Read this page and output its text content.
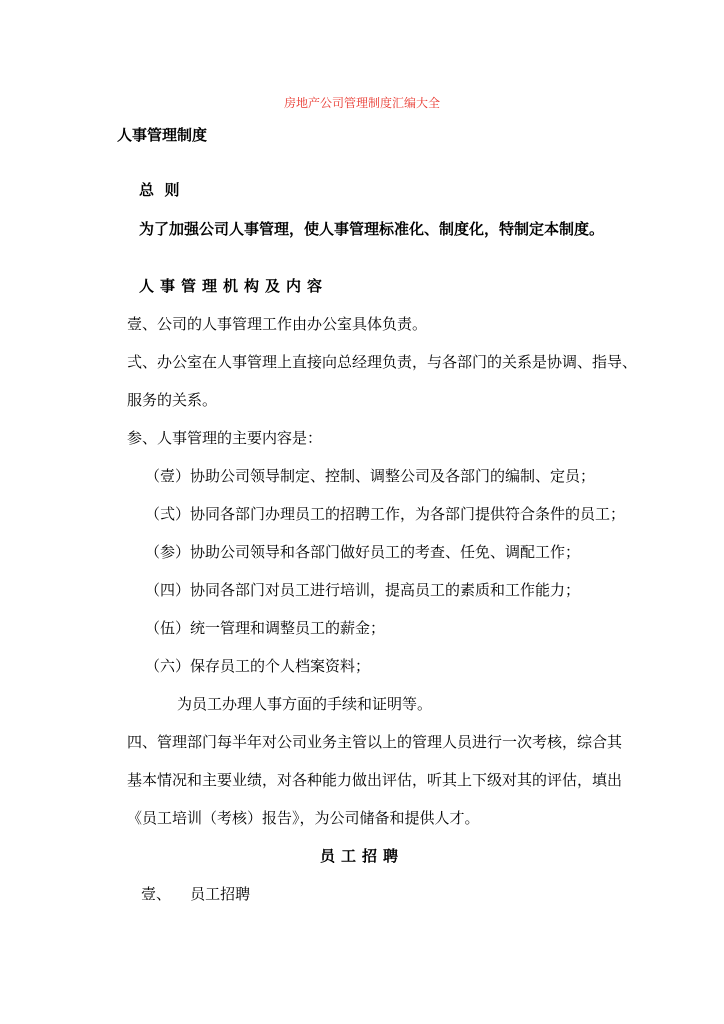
房地产公司管理制度汇编大全
人事管理制度
总  则
为了加强公司人事管理，使人事管理标准化、制度化，特制定本制度。
人事管理机构及内容
壹、公司的人事管理工作由办公室具体负责。
弍、办公室在人事管理上直接向总经理负责，与各部门的关系是协调、指导、
服务的关系。
参、人事管理的主要内容是：
（壹）协助公司领导制定、控制、调整公司及各部门的编制、定员；
（弍）协同各部门办理员工的招聘工作，为各部门提供符合条件的员工；
（参）协助公司领导和各部门做好员工的考查、任免、调配工作；
（四）协同各部门对员工进行培训，提高员工的素质和工作能力；
（伍）统一管理和调整员工的薪金；
（六）保存员工的个人档案资料；
为员工办理人事方面的手续和证明等。
四、管理部门每半年对公司业务主管以上的管理人员进行一次考核，综合其
基本情况和主要业绩，对各种能力做出评估，听其上下级对其的评估，填出
《员工培训（考核）报告》，为公司储备和提供人才。
员工招聘
壹、    员工招聘
